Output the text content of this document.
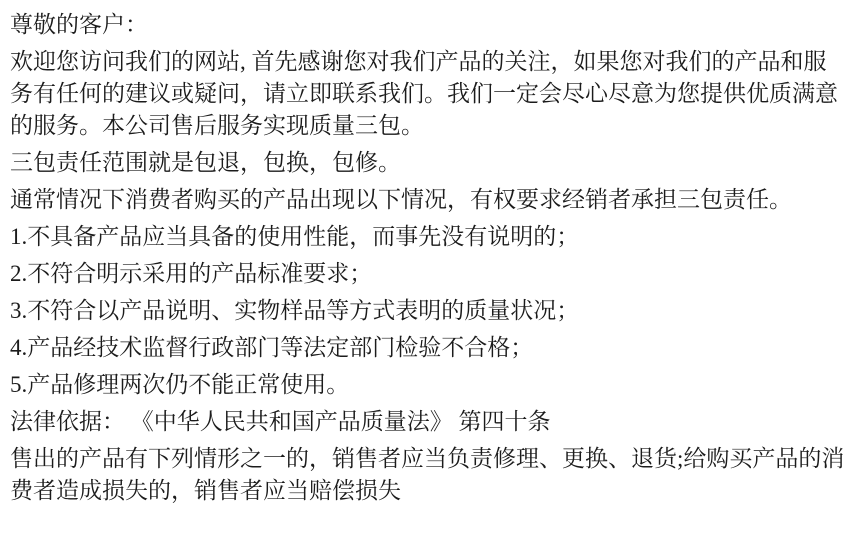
尊敬的客户：

欢迎您访问我们的网站, 首先感谢您对我们产品的关注，如果您对我们的产品和服务有任何的建议或疑问，请立即联系我们。我们一定会尽心尽意为您提供优质满意的服务。本公司售后服务实现质量三包。

三包责任范围就是包退，包换，包修。

通常情况下消费者购买的产品出现以下情况，有权要求经销者承担三包责任。

1.不具备产品应当具备的使用性能，而事先没有说明的；

2.不符合明示采用的产品标准要求；

3.不符合以产品说明、实物样品等方式表明的质量状况；

4.产品经技术监督行政部门等法定部门检验不合格；

5.产品修理两次仍不能正常使用。

法律依据： 《中华人民共和国产品质量法》 第四十条

售出的产品有下列情形之一的，销售者应当负责修理、更换、退货;给购买产品的消费者造成损失的，销售者应当赔偿损失
